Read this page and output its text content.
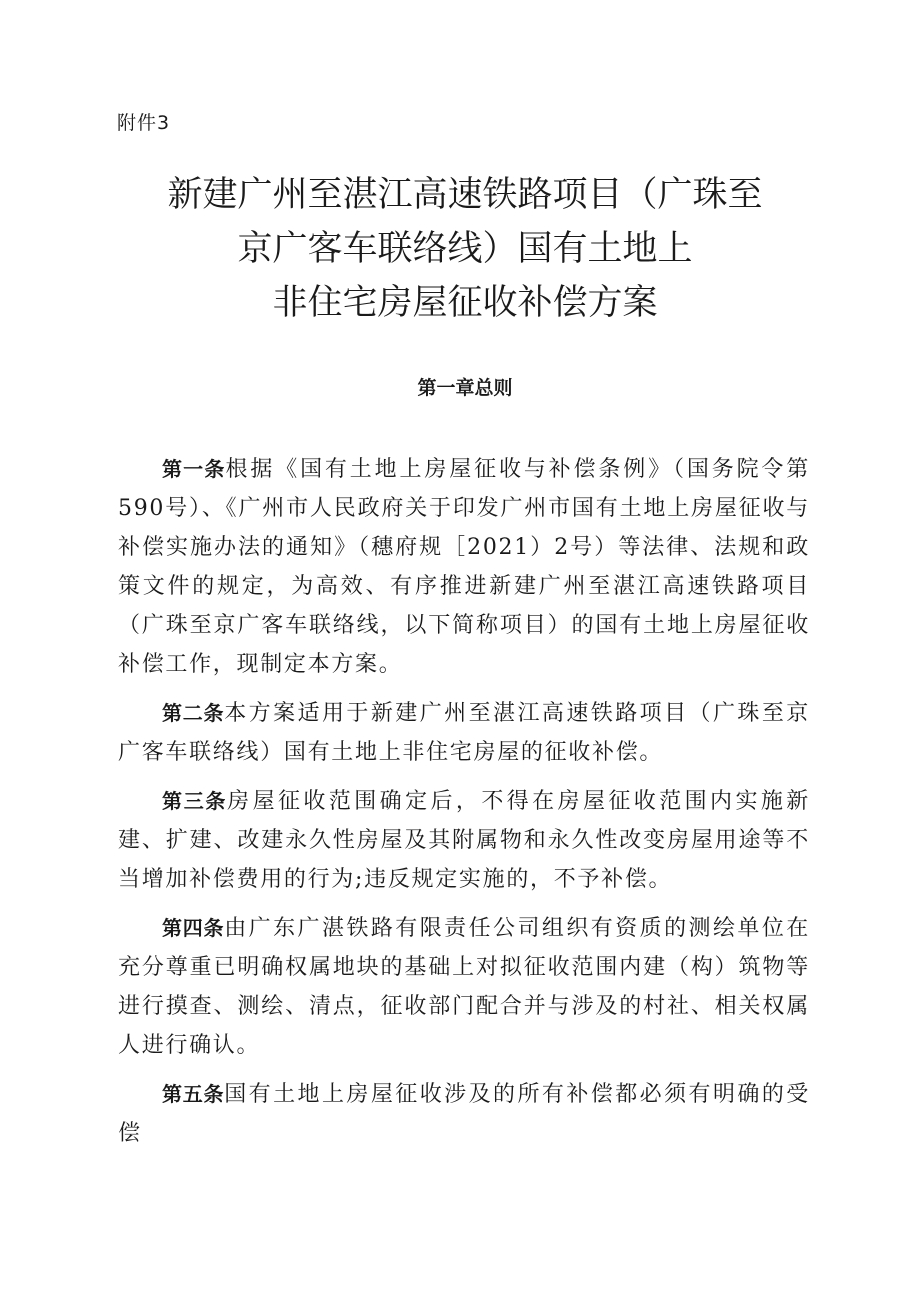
附件3
新建广州至湛江高速铁路项目（广珠至
京广客车联络线）国有土地上
非住宅房屋征收补偿方案
第一章总则

第一条根据《国有土地上房屋征收与补偿条例》（国务院令第590号）、《广州市人民政府关于印发广州市国有土地上房屋征收与补偿实施办法的通知》（穗府规［2021）2号）等法律、法规和政策文件的规定，为高效、有序推进新建广州至湛江高速铁路项目（广珠至京广客车联络线，以下简称项目）的国有土地上房屋征收补偿工作，现制定本方案。

第二条本方案适用于新建广州至湛江高速铁路项目（广珠至京广客车联络线）国有土地上非住宅房屋的征收补偿。

第三条房屋征收范围确定后，不得在房屋征收范围内实施新建、扩建、改建永久性房屋及其附属物和永久性改变房屋用途等不当增加补偿费用的行为;违反规定实施的，不予补偿。

第四条由广东广湛铁路有限责任公司组织有资质的测绘单位在充分尊重已明确权属地块的基础上对拟征收范围内建（构）筑物等进行摸查、测绘、清点，征收部门配合并与涉及的村社、相关权属人进行确认。

第五条国有土地上房屋征收涉及的所有补偿都必须有明确的受偿
